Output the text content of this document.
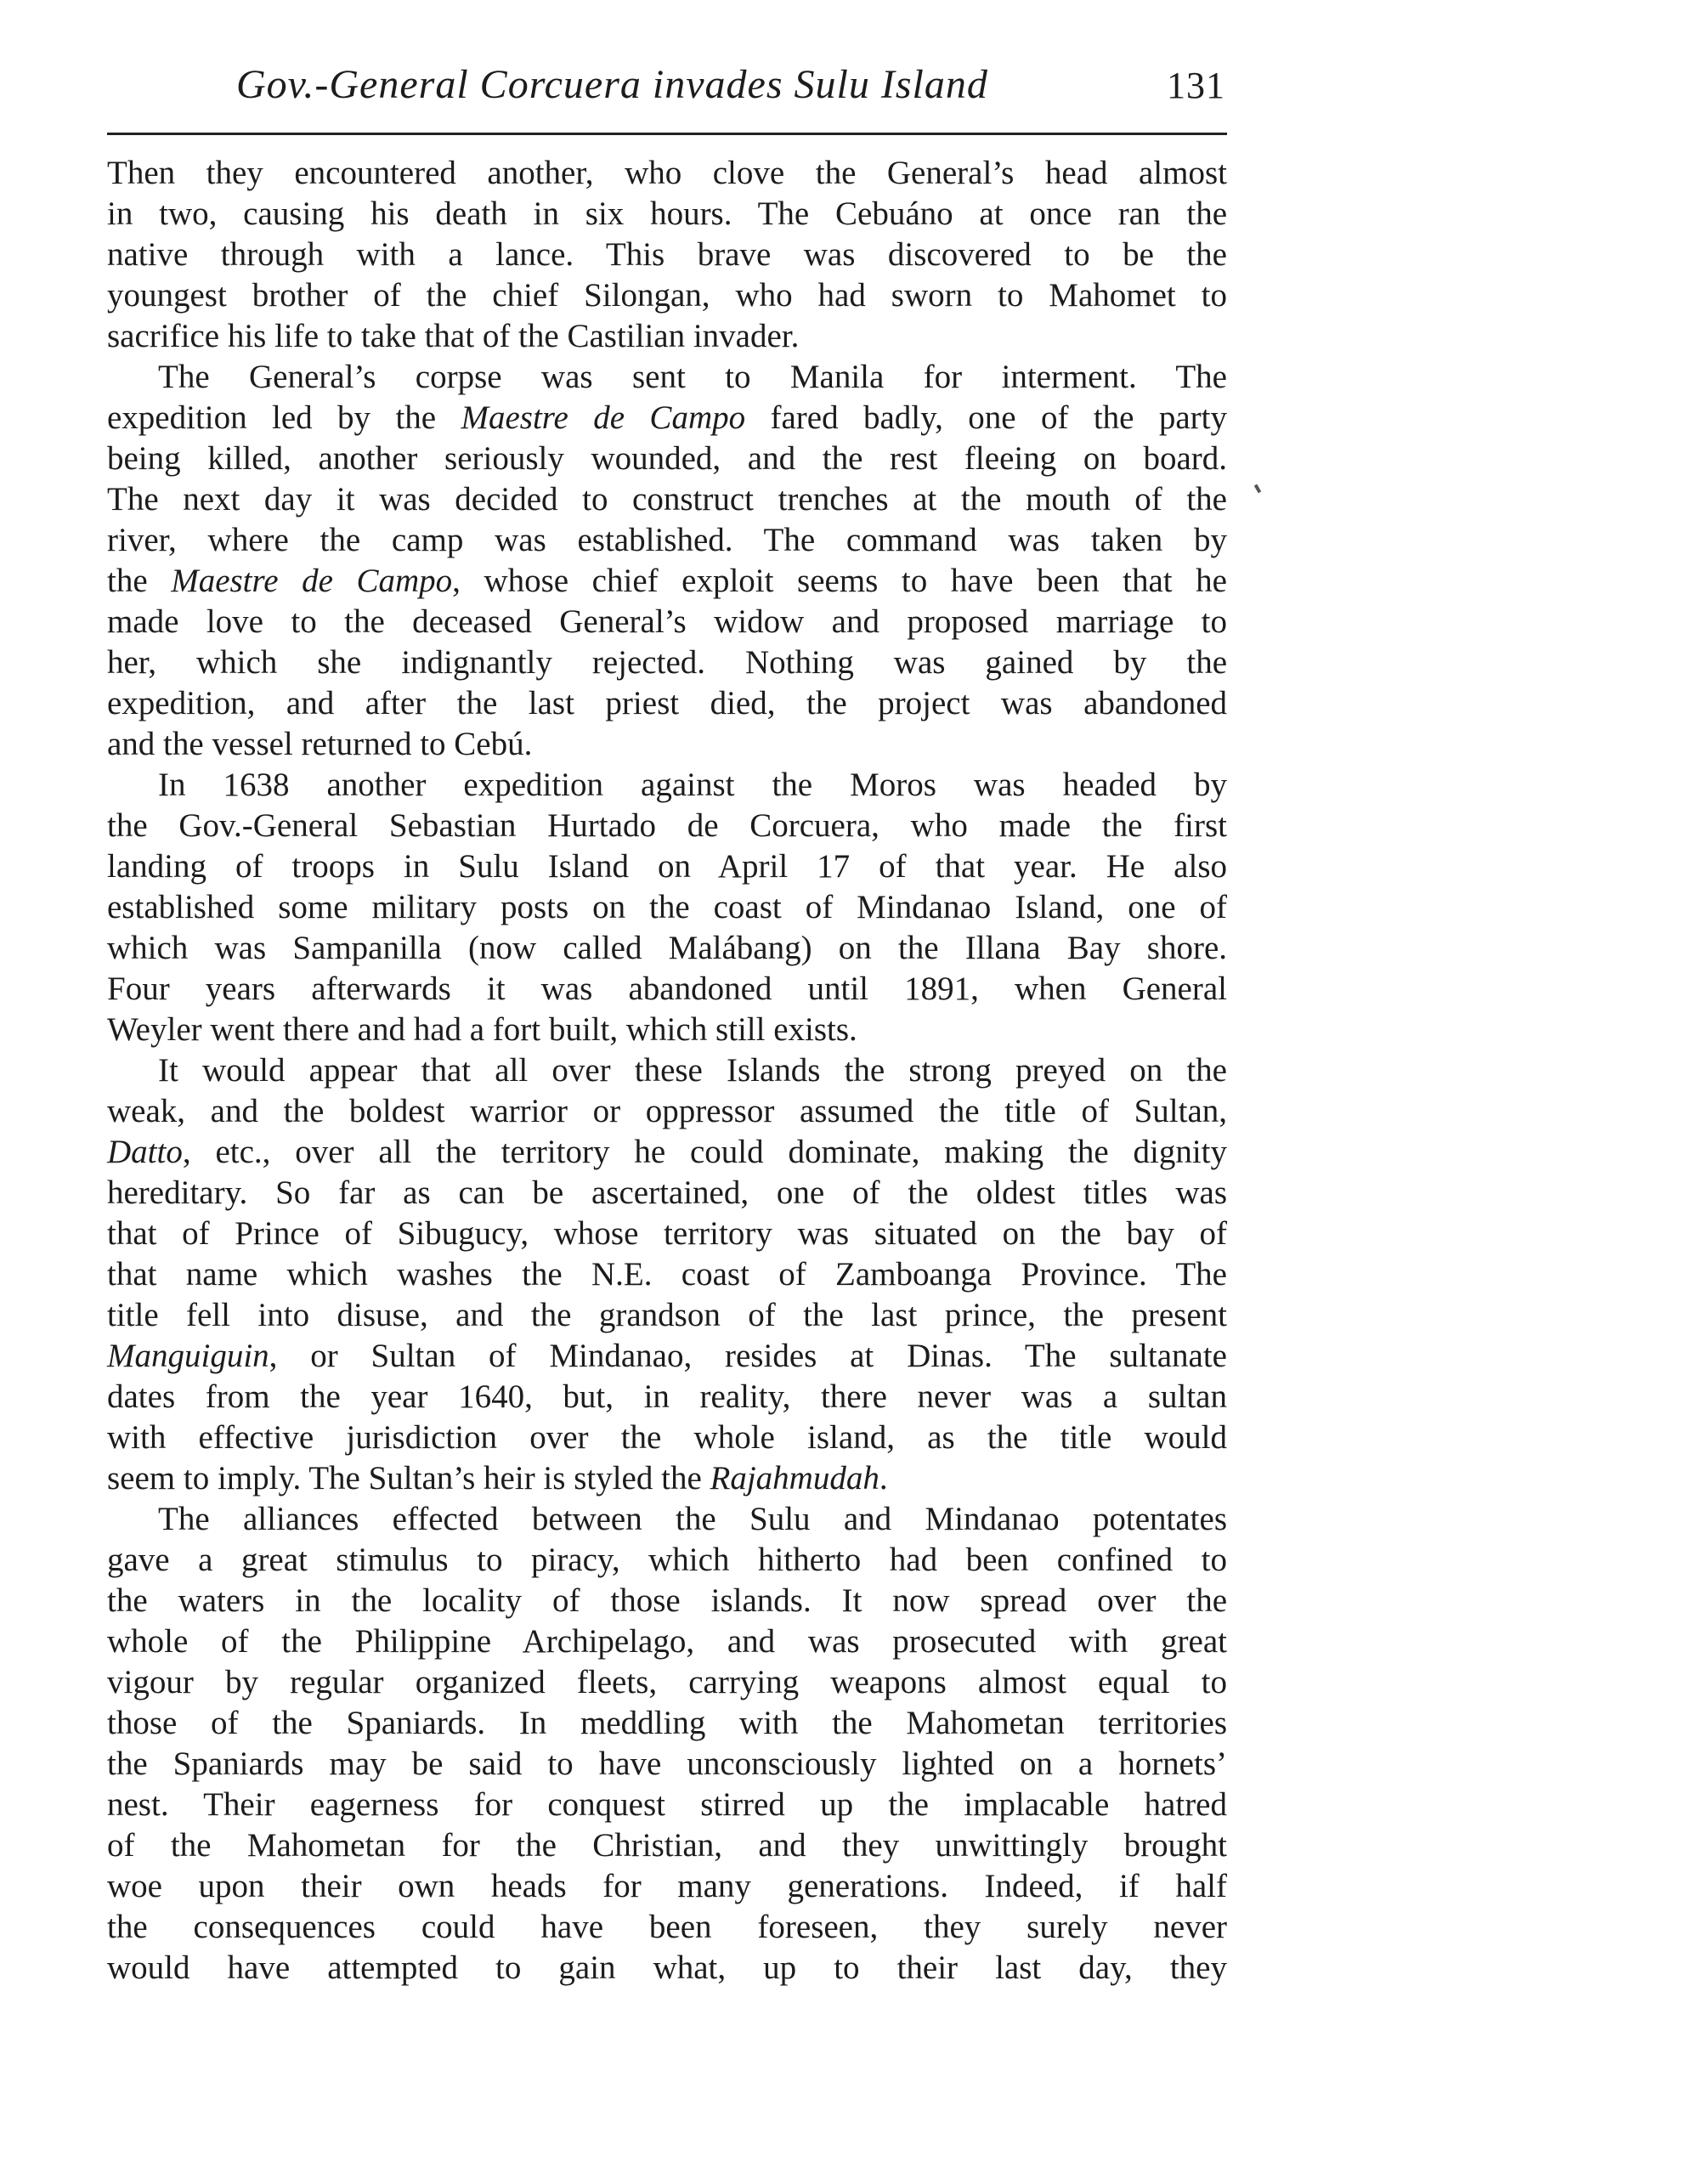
Gov.-General Corcuera invades Sulu Island	131
Then they encountered another, who clove the General’s head almost
in two, causing his death in six hours. The Cebuáno at once ran the
native through with a lance. This brave was discovered to be the
youngest brother of the chief Silongan, who had sworn to Mahomet to
sacrifice his life to take that of the Castilian invader.
The General’s corpse was sent to Manila for interment. The
expedition led by the Maestre de Campo fared badly, one of the party
being killed, another seriously wounded, and the rest fleeing on board.
The next day it was decided to construct trenches at the mouth of the
river, where the camp was established. The command was taken by
the Maestre de Campo, whose chief exploit seems to have been that he
made love to the deceased General’s widow and proposed marriage to
her, which she indignantly rejected. Nothing was gained by the
expedition, and after the last priest died, the project was abandoned
and the vessel returned to Cebú.
In 1638 another expedition against the Moros was headed by
the Gov.-General Sebastian Hurtado de Corcuera, who made the first
landing of troops in Sulu Island on April 17 of that year. He also
established some military posts on the coast of Mindanao Island, one of
which was Sampanilla (now called Malábang) on the Illana Bay shore.
Four years afterwards it was abandoned until 1891, when General
Weyler went there and had a fort built, which still exists.
It would appear that all over these Islands the strong preyed on the
weak, and the boldest warrior or oppressor assumed the title of Sultan,
Datto, etc., over all the territory he could dominate, making the dignity
hereditary. So far as can be ascertained, one of the oldest titles was
that of Prince of Sibugucy, whose territory was situated on the bay of
that name which washes the N.E. coast of Zamboanga Province. The
title fell into disuse, and the grandson of the last prince, the present
Manguiguin, or Sultan of Mindanao, resides at Dinas. The sultanate
dates from the year 1640, but, in reality, there never was a sultan
with effective jurisdiction over the whole island, as the title would
seem to imply. The Sultan’s heir is styled the Rajahmudah.
The alliances effected between the Sulu and Mindanao potentates
gave a great stimulus to piracy, which hitherto had been confined to
the waters in the locality of those islands. It now spread over the
whole of the Philippine Archipelago, and was prosecuted with great
vigour by regular organized fleets, carrying weapons almost equal to
those of the Spaniards. In meddling with the Mahometan territories
the Spaniards may be said to have unconsciously lighted on a hornets’
nest. Their eagerness for conquest stirred up the implacable hatred
of the Mahometan for the Christian, and they unwittingly brought
woe upon their own heads for many generations. Indeed, if half
the consequences could have been foreseen, they surely never
would have attempted to gain what, up to their last day, they
